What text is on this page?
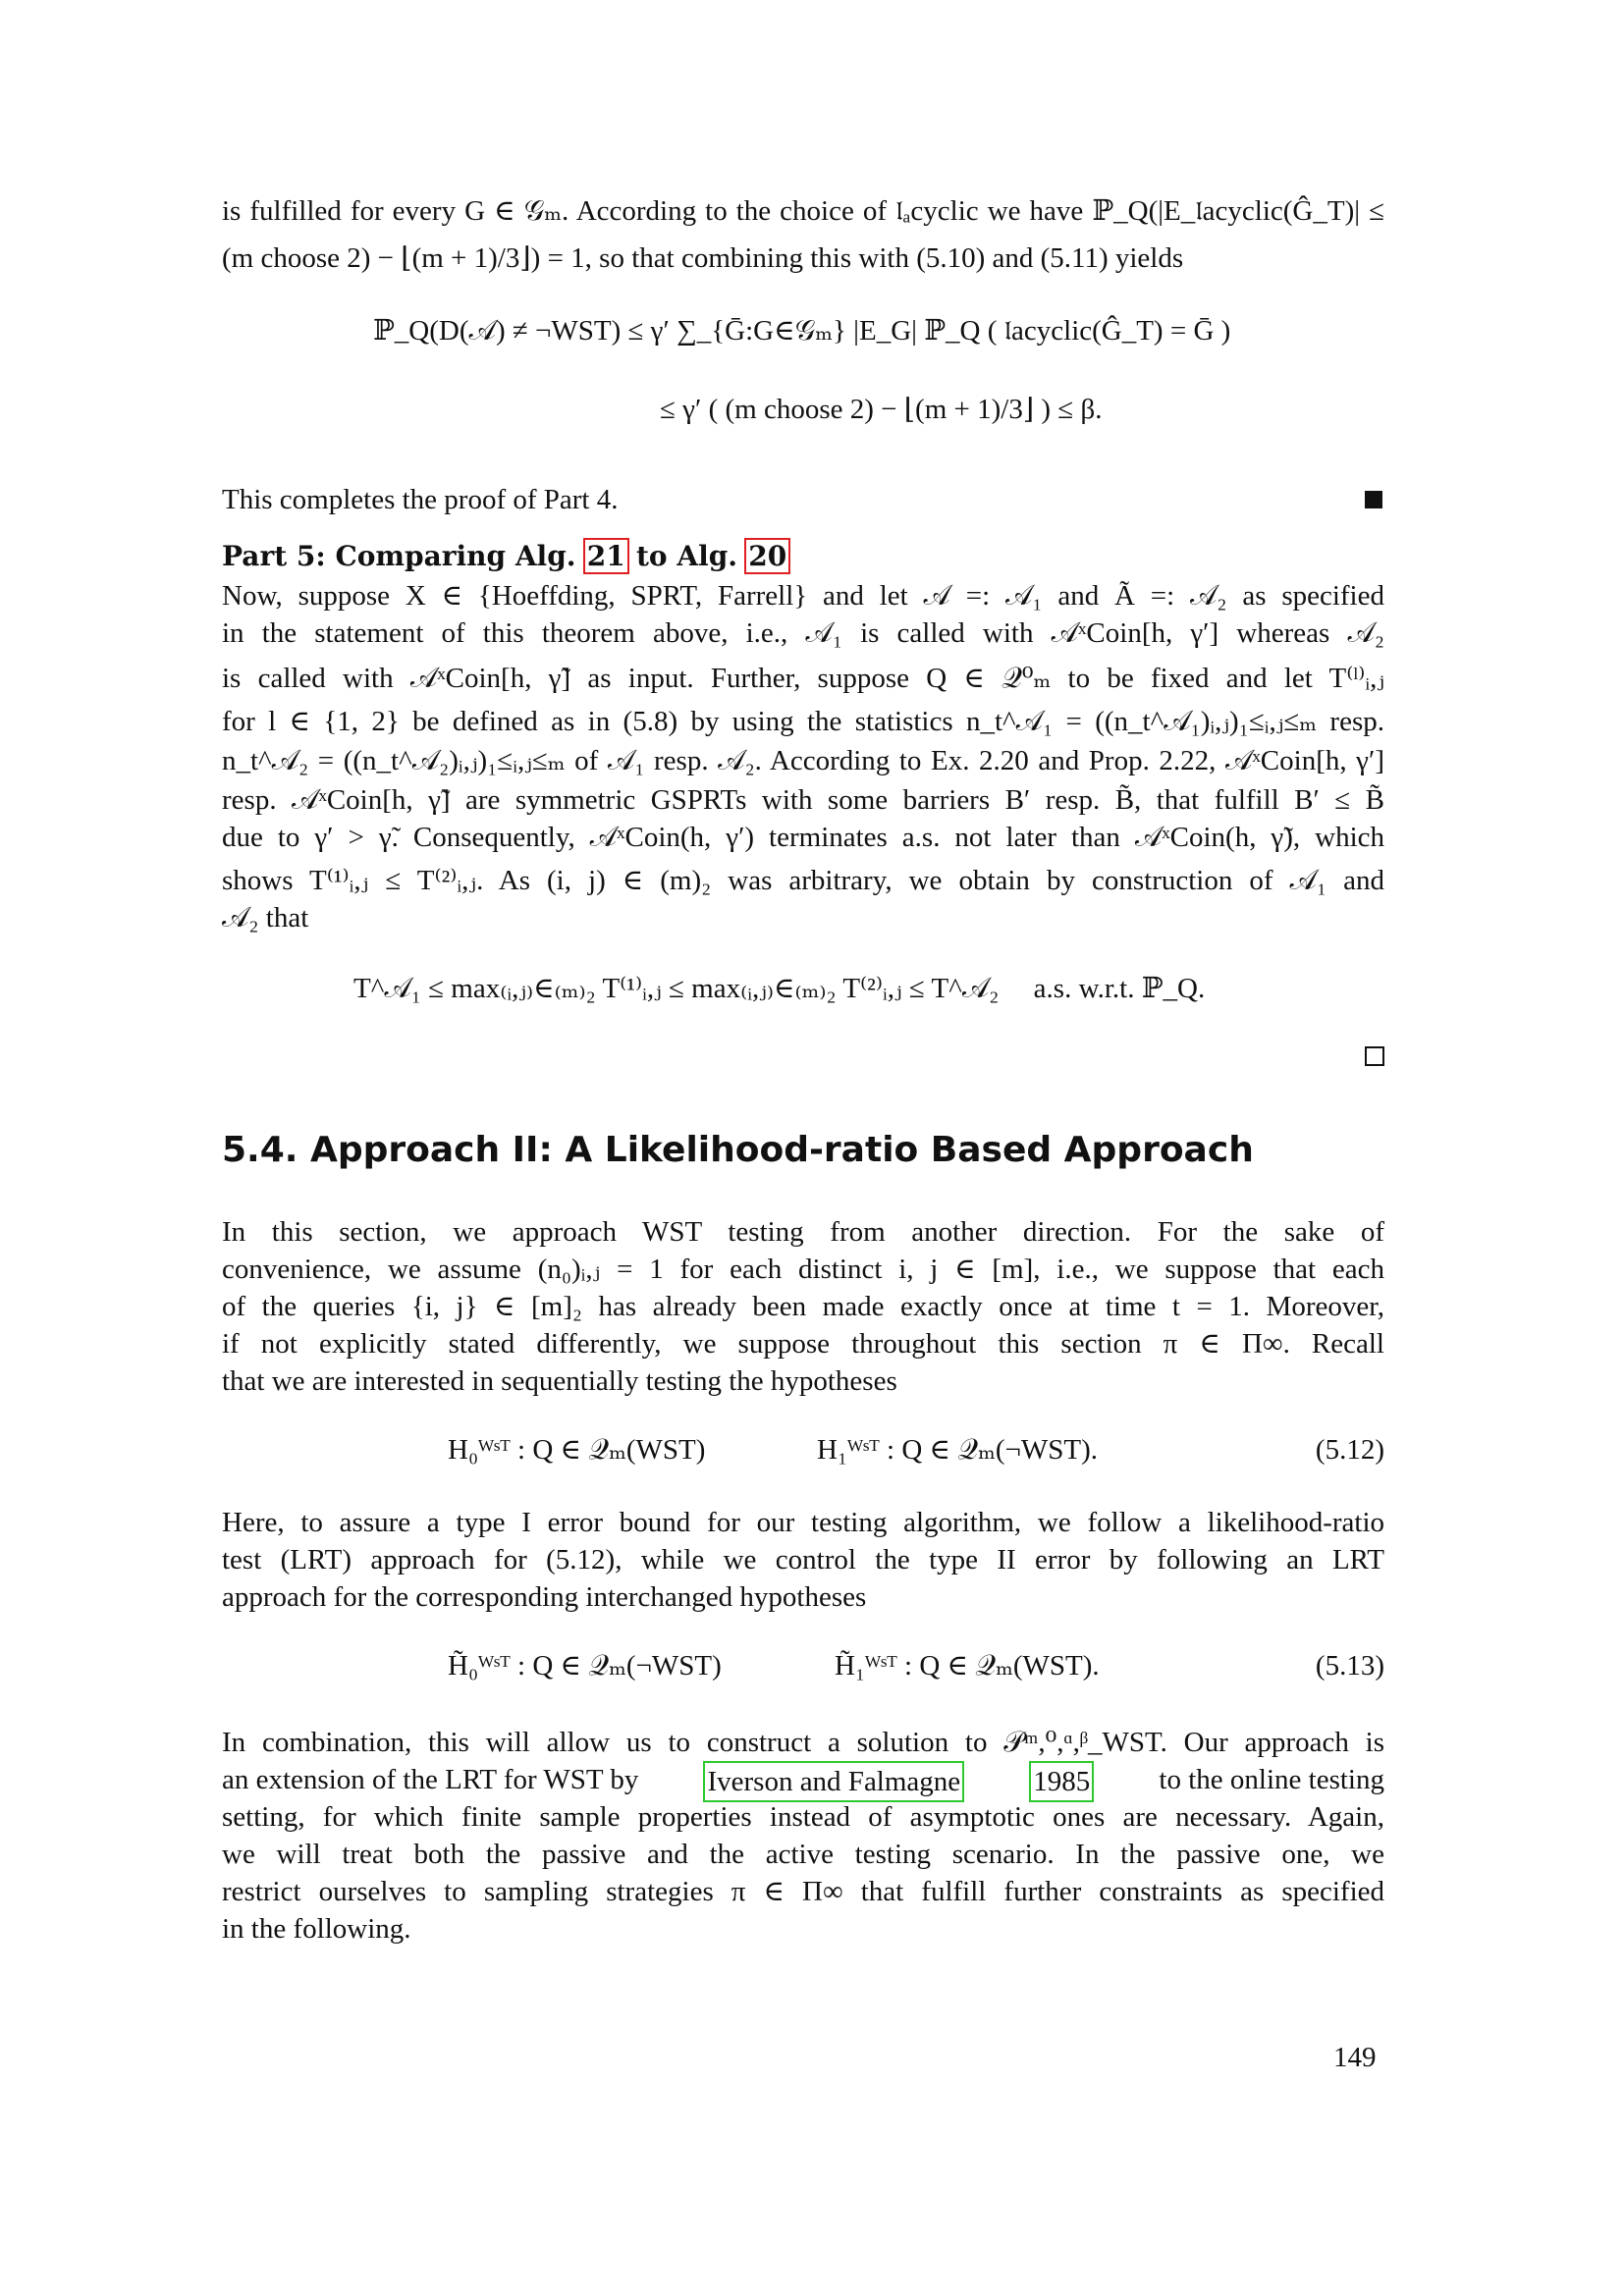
is fulfilled for every G ∈ 𝒢ₘ. According to the choice of 𝔩ₐcyclic we have ℙ_Q(|E_𝔩acyclic(Ĝ_T)| ≤
(m choose 2) − ⌊(m + 1)/3⌋) = 1, so that combining this with (5.10) and (5.11) yields
ℙ_Q(D(𝒜) ≠ ¬WST) ≤ γ′ ∑_{Ḡ:G∈𝒢ₘ} |E_G| ℙ_Q ( 𝔩acyclic(Ĝ_T) = Ḡ )
≤ γ′ ( (m choose 2) − ⌊(m + 1)/3⌋ ) ≤ β.
This completes the proof of Part 4.
Part 5: Comparing Alg. 21 to Alg. 20
Now, suppose X ∈ {Hoeffding, SPRT, Farrell} and let 𝒜 =: 𝒜₁ and Ã =: 𝒜₂ as specified
in the statement of this theorem above, i.e., 𝒜₁ is called with 𝒜ˣCoin[h, γ′] whereas 𝒜₂
is called with 𝒜ˣCoin[h, γ̃] as input. Further, suppose Q ∈ 𝒬⁰ₘ to be fixed and let T⁽ˡ⁾ᵢ,ⱼ
for l ∈ {1, 2} be defined as in (5.8) by using the statistics n_t^𝒜₁ = ((n_t^𝒜₁)ᵢ,ⱼ)₁≤ᵢ,ⱼ≤ₘ resp.
n_t^𝒜₂ = ((n_t^𝒜₂)ᵢ,ⱼ)₁≤ᵢ,ⱼ≤ₘ of 𝒜₁ resp. 𝒜₂. According to Ex. 2.20 and Prop. 2.22, 𝒜ˣCoin[h, γ′]
resp. 𝒜ˣCoin[h, γ̃] are symmetric GSPRTs with some barriers B′ resp. B̃, that fulfill B′ ≤ B̃
due to γ′ > γ̃. Consequently, 𝒜ˣCoin(h, γ′) terminates a.s. not later than 𝒜ˣCoin(h, γ̃), which
shows T⁽¹⁾ᵢ,ⱼ ≤ T⁽²⁾ᵢ,ⱼ. As (i, j) ∈ (m)₂ was arbitrary, we obtain by construction of 𝒜₁ and
𝒜₂ that
T^𝒜₁ ≤ max₍ᵢ,ⱼ₎∈₍ₘ₎₂ T⁽¹⁾ᵢ,ⱼ ≤ max₍ᵢ,ⱼ₎∈₍ₘ₎₂ T⁽²⁾ᵢ,ⱼ ≤ T^𝒜₂ a.s. w.r.t. ℙ_Q.
5.4. Approach II: A Likelihood-ratio Based Approach
In this section, we approach WST testing from another direction. For the sake of
convenience, we assume (n₀)ᵢ,ⱼ = 1 for each distinct i, j ∈ [m], i.e., we suppose that each
of the queries {i, j} ∈ [m]₂ has already been made exactly once at time t = 1. Moreover,
if not explicitly stated differently, we suppose throughout this section π ∈ Π∞. Recall
that we are interested in sequentially testing the hypotheses
H₀ᵂˢᵀ : Q ∈ 𝒬ₘ(WST)	H₁ᵂˢᵀ : Q ∈ 𝒬ₘ(¬WST).	(5.12)
Here, to assure a type I error bound for our testing algorithm, we follow a likelihood-ratio
test (LRT) approach for (5.12), while we control the type II error by following an LRT
approach for the corresponding interchanged hypotheses
H̃₀ᵂˢᵀ : Q ∈ 𝒬ₘ(¬WST)	H̃₁ᵂˢᵀ : Q ∈ 𝒬ₘ(WST).	(5.13)
In combination, this will allow us to construct a solution to 𝒫ᵐ,⁰,ᵅ,ᵝ_WST. Our approach is
an extension of the LRT for WST by Iverson and Falmagne	1985 to the online testing
setting, for which finite sample properties instead of asymptotic ones are necessary. Again,
we will treat both the passive and the active testing scenario. In the passive one, we
restrict ourselves to sampling strategies π ∈ Π∞ that fulfill further constraints as specified
in the following.
149
